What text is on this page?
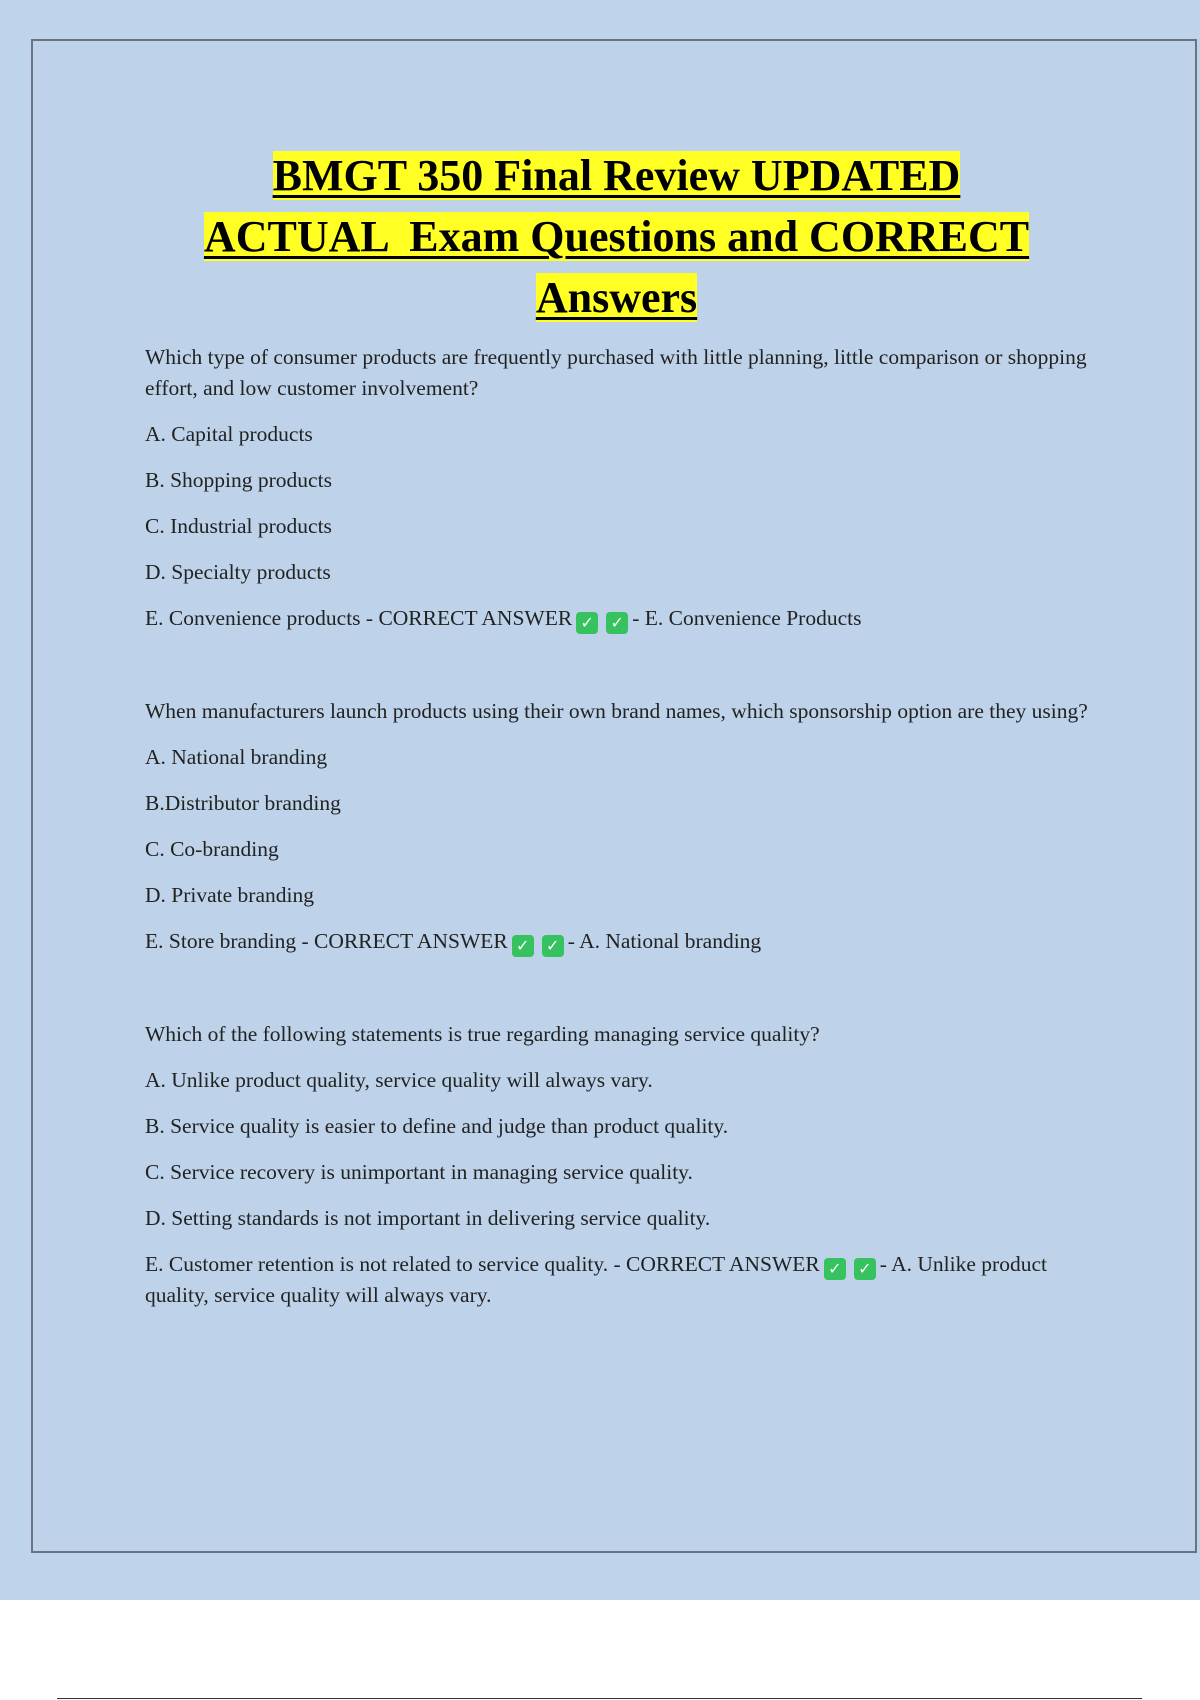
BMGT 350 Final Review UPDATED
ACTUAL  Exam Questions and CORRECT
Answers

Which type of consumer products are frequently purchased with little planning, little comparison or shopping effort, and low customer involvement?

A. Capital products

B. Shopping products

C. Industrial products

D. Specialty products

E. Convenience products - CORRECT ANSWER ✓ ✓ - E. Convenience Products

When manufacturers launch products using their own brand names, which sponsorship option are they using?

A. National branding

B.Distributor branding

C. Co-branding

D. Private branding

E. Store branding - CORRECT ANSWER ✓ ✓ - A. National branding

Which of the following statements is true regarding managing service quality?

A. Unlike product quality, service quality will always vary.

B. Service quality is easier to define and judge than product quality.

C. Service recovery is unimportant in managing service quality.

D. Setting standards is not important in delivering service quality.

E. Customer retention is not related to service quality. - CORRECT ANSWER ✓ ✓ - A. Unlike product quality, service quality will always vary.
